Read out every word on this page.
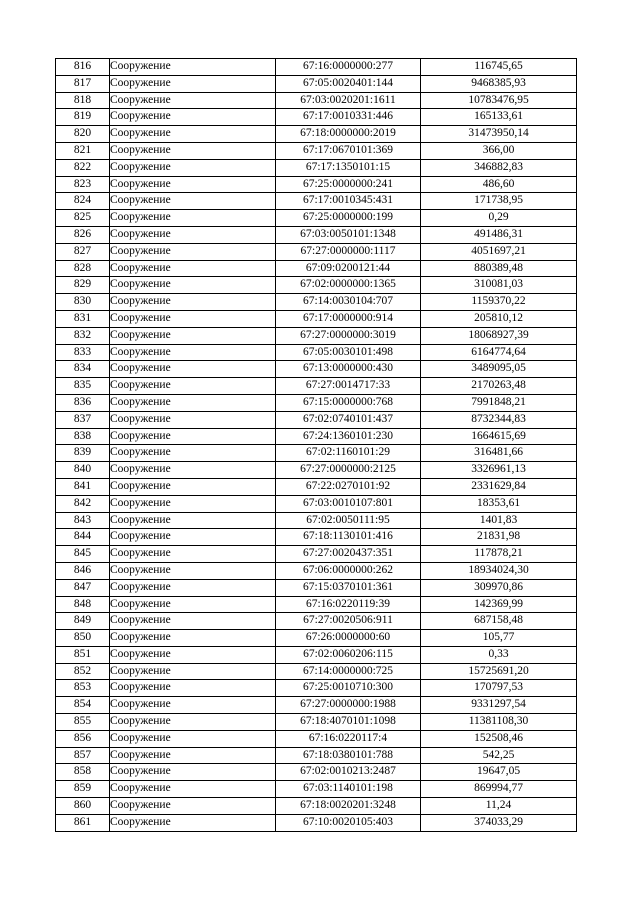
816	Сооружение	67:16:0000000:277	116745,65
817	Сооружение	67:05:0020401:144	9468385,93
818	Сооружение	67:03:0020201:1611	10783476,95
819	Сооружение	67:17:0010331:446	165133,61
820	Сооружение	67:18:0000000:2019	31473950,14
821	Сооружение	67:17:0670101:369	366,00
822	Сооружение	67:17:1350101:15	346882,83
823	Сооружение	67:25:0000000:241	486,60
824	Сооружение	67:17:0010345:431	171738,95
825	Сооружение	67:25:0000000:199	0,29
826	Сооружение	67:03:0050101:1348	491486,31
827	Сооружение	67:27:0000000:1117	4051697,21
828	Сооружение	67:09:0200121:44	880389,48
829	Сооружение	67:02:0000000:1365	310081,03
830	Сооружение	67:14:0030104:707	1159370,22
831	Сооружение	67:17:0000000:914	205810,12
832	Сооружение	67:27:0000000:3019	18068927,39
833	Сооружение	67:05:0030101:498	6164774,64
834	Сооружение	67:13:0000000:430	3489095,05
835	Сооружение	67:27:0014717:33	2170263,48
836	Сооружение	67:15:0000000:768	7991848,21
837	Сооружение	67:02:0740101:437	8732344,83
838	Сооружение	67:24:1360101:230	1664615,69
839	Сооружение	67:02:1160101:29	316481,66
840	Сооружение	67:27:0000000:2125	3326961,13
841	Сооружение	67:22:0270101:92	2331629,84
842	Сооружение	67:03:0010107:801	18353,61
843	Сооружение	67:02:0050111:95	1401,83
844	Сооружение	67:18:1130101:416	21831,98
845	Сооружение	67:27:0020437:351	117878,21
846	Сооружение	67:06:0000000:262	18934024,30
847	Сооружение	67:15:0370101:361	309970,86
848	Сооружение	67:16:0220119:39	142369,99
849	Сооружение	67:27:0020506:911	687158,48
850	Сооружение	67:26:0000000:60	105,77
851	Сооружение	67:02:0060206:115	0,33
852	Сооружение	67:14:0000000:725	15725691,20
853	Сооружение	67:25:0010710:300	170797,53
854	Сооружение	67:27:0000000:1988	9331297,54
855	Сооружение	67:18:4070101:1098	11381108,30
856	Сооружение	67:16:0220117:4	152508,46
857	Сооружение	67:18:0380101:788	542,25
858	Сооружение	67:02:0010213:2487	19647,05
859	Сооружение	67:03:1140101:198	869994,77
860	Сооружение	67:18:0020201:3248	11,24
861	Сооружение	67:10:0020105:403	374033,29
